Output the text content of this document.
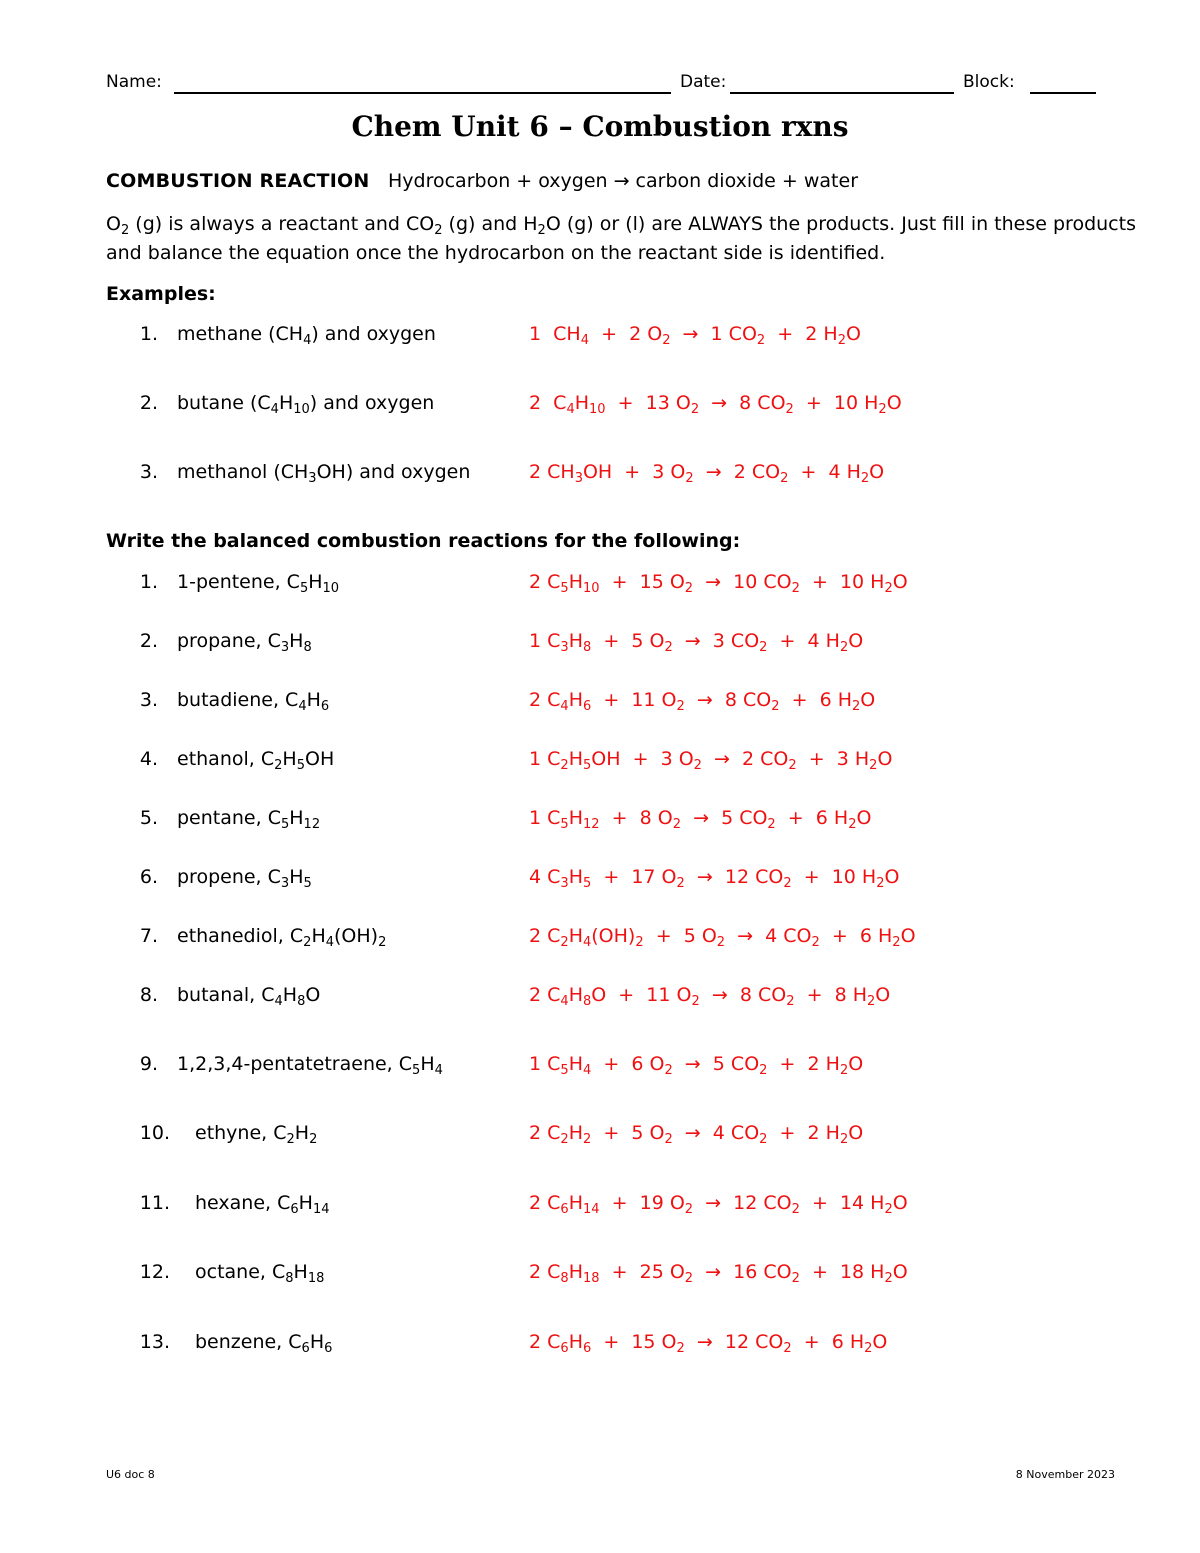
Name:	Date:	Block:
Chem Unit 6 – Combustion rxns
COMBUSTION REACTION Hydrocarbon + oxygen → carbon dioxide + water
$O_2$ (g) is always a reactant and $CO_2$ (g) and $H_2O$ (g) or (l) are ALWAYS the products. Just fill in these products and balance the equation once the hydrocarbon on the reactant side is identified.
Examples:
1. methane $(CH_4)$ and oxygen	1  $CH_4 + 2$ $O_2 \to 1$ $CO_2 + 2$ $H_2O$
2. butane $(C_4H_{10})$ and oxygen	2  $C_4H_{10} + 13$ $O_2 \to 8$ $CO_2 + 10$ $H_2O$
3. methanol $(CH_3OH)$ and oxygen	2 $CH_3OH + 3$ $O_2 \to 2$ $CO_2 + 4$ $H_2O$
Write the balanced combustion reactions for the following:
1. 1-pentene, $C_5H_{10}$	2 $C_5H_{10} + 15$ $O_2 \to 10$ $CO_2 + 10$ $H_2O$
2. propane, $C_3H_8$	1 $C_3H_8 + 5$ $O_2 \to 3$ $CO_2 + 4$ $H_2O$
3. butadiene, $C_4H_6$	2 $C_4H_6 + 11$ $O_2 \to 8$ $CO_2 + 6$ $H_2O$
4. ethanol, $C_2H_5OH$	1 $C_2H_5OH + 3$ $O_2 \to 2$ $CO_2 + 3$ $H_2O$
5. pentane, $C_5H_{12}$	1 $C_5H_{12} + 8$ $O_2 \to 5$ $CO_2 + 6$ $H_2O$
6. propene, $C_3H_5$	4 $C_3H_5 + 17$ $O_2 \to 12$ $CO_2 + 10$ $H_2O$
7. ethanediol, $C_2H_4(OH)_2$	2 $C_2H_4(OH)_2 + 5$ $O_2 \to 4$ $CO_2 + 6$ $H_2O$
8. butanal, $C_4H_8O$	2 $C_4H_8O + 11$ $O_2 \to 8$ $CO_2 + 8$ $H_2O$
9. 1,2,3,4-pentatetraene, $C_5H_4$	1 $C_5H_4 + 6$ $O_2 \to 5$ $CO_2 + 2$ $H_2O$
10. ethyne, $C_2H_2$	2 $C_2H_2 + 5$ $O_2 \to 4$ $CO_2 + 2$ $H_2O$
11. hexane, $C_6H_{14}$	2 $C_6H_{14} + 19$ $O_2 \to 12$ $CO_2 + 14$ $H_2O$
12. octane, $C_8H_{18}$	2 $C_8H_{18} + 25$ $O_2 \to 16$ $CO_2 + 18$ $H_2O$
13. benzene, $C_6H_6$	2 $C_6H_6 + 15$ $O_2 \to 12$ $CO_2 + 6$ $H_2O$
U6 doc 8	8 November 2023
